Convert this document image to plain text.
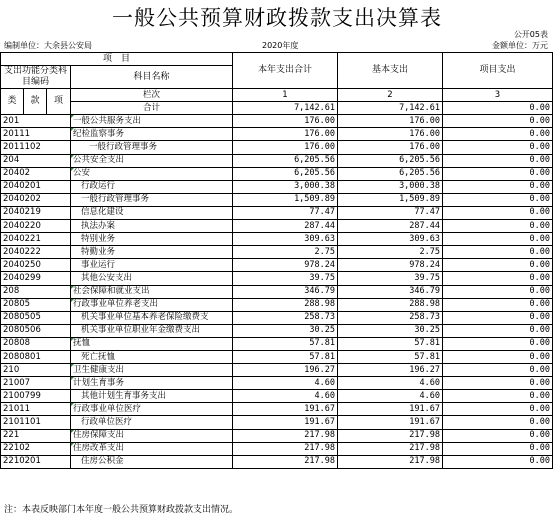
一般公共预算财政拨款支出决算表
公开05表
编制单位：大余县公安局	2020年度	金额单位：万元
项　目				本年支出合计	基本支出	项目支出
支出功能分类科目编码			科目名称			

类	款	项	栏次	1	2	3
			合计	7,142.61	7,142.61	0.00
201			一般公共服务支出	176.00	176.00	0.00
20111			纪检监察事务	176.00	176.00	0.00
2011102			一般行政管理事务	176.00	176.00	0.00
204			公共安全支出	6,205.56	6,205.56	0.00
20402			公安	6,205.56	6,205.56	0.00
2040201			行政运行	3,000.38	3,000.38	0.00
2040202			一般行政管理事务	1,509.89	1,509.89	0.00
2040219			信息化建设	77.47	77.47	0.00
2040220			执法办案	287.44	287.44	0.00
2040221			特别业务	309.63	309.63	0.00
2040222			特勤业务	2.75	2.75	0.00
2040250			事业运行	978.24	978.24	0.00
2040299			其他公安支出	39.75	39.75	0.00
208			社会保障和就业支出	346.79	346.79	0.00
20805			行政事业单位养老支出	288.98	288.98	0.00
2080505			机关事业单位基本养老保险缴费支	258.73	258.73	0.00
2080506			机关事业单位职业年金缴费支出	30.25	30.25	0.00
20808			抚恤	57.81	57.81	0.00
2080801			死亡抚恤	57.81	57.81	0.00
210			卫生健康支出	196.27	196.27	0.00
21007			计划生育事务	4.60	4.60	0.00
2100799			其他计划生育事务支出	4.60	4.60	0.00
21011			行政事业单位医疗	191.67	191.67	0.00
2101101			行政单位医疗	191.67	191.67	0.00
221			住房保障支出	217.98	217.98	0.00
22102			住房改革支出	217.98	217.98	0.00
2210201			住房公积金	217.98	217.98	0.00
注：本表反映部门本年度一般公共预算财政拨款支出情况。
